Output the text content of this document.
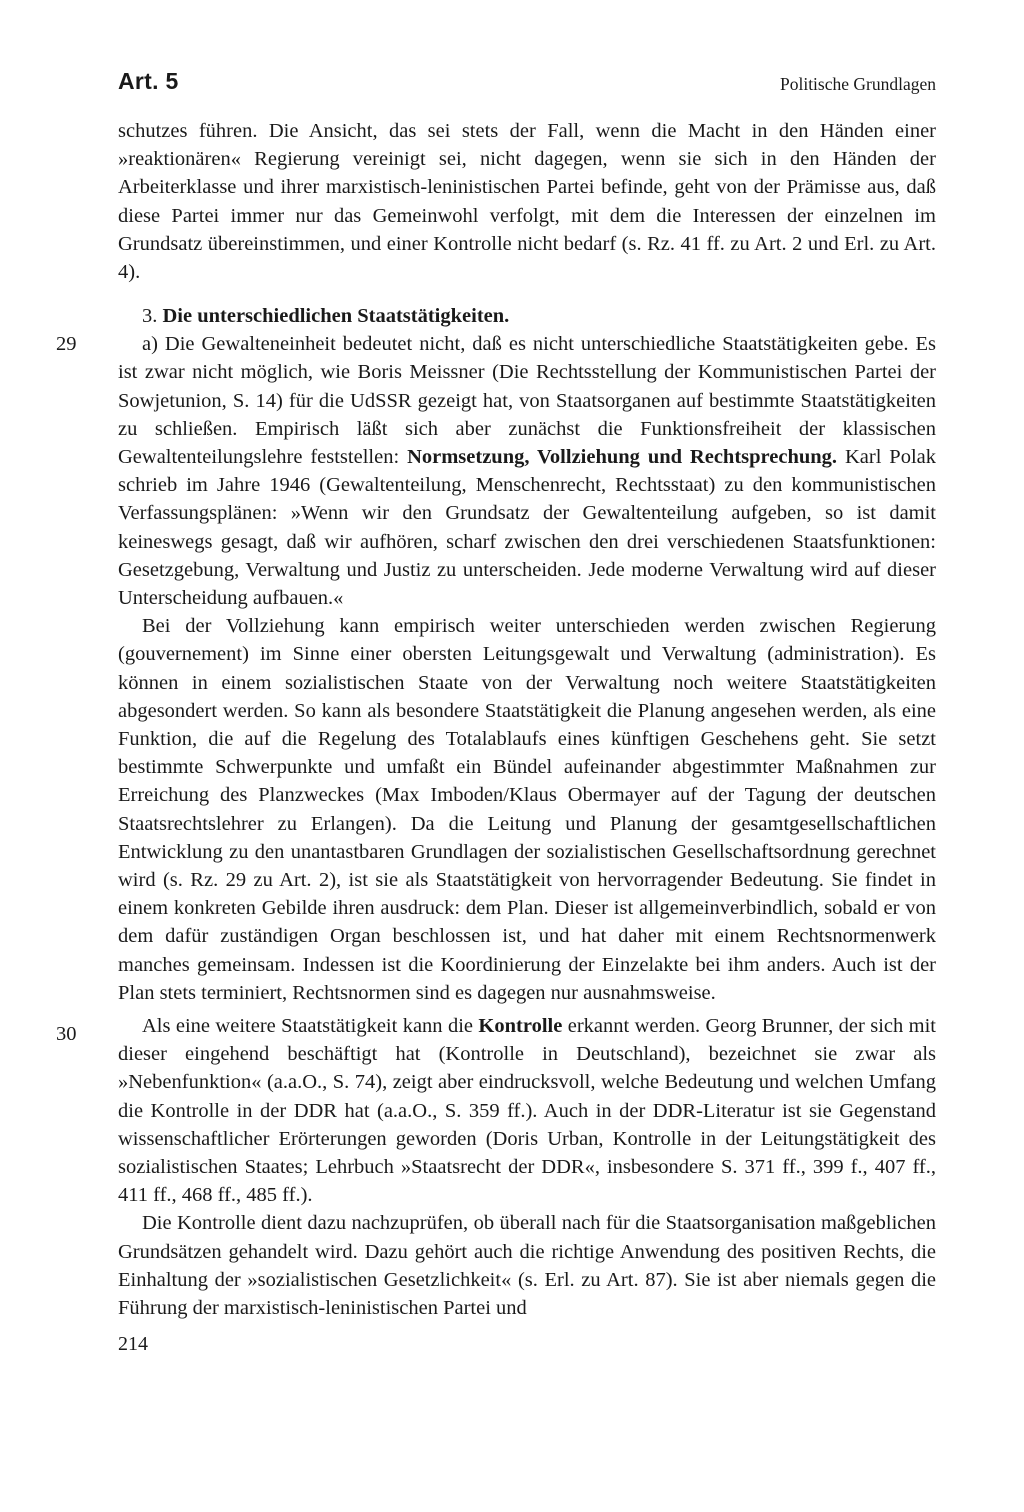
Art. 5	Politische Grundlagen

schutzes führen. Die Ansicht, das sei stets der Fall, wenn die Macht in den Händen einer »reaktionären« Regierung vereinigt sei, nicht dagegen, wenn sie sich in den Händen der Arbeiterklasse und ihrer marxistisch-leninistischen Partei befinde, geht von der Prämisse aus, daß diese Partei immer nur das Gemeinwohl verfolgt, mit dem die Interessen der einzelnen im Grundsatz übereinstimmen, und einer Kontrolle nicht bedarf (s. Rz. 41 ff. zu Art. 2 und Erl. zu Art. 4).

29

3. Die unterschiedlichen Staatstätigkeiten.

a) Die Gewalteneinheit bedeutet nicht, daß es nicht unterschiedliche Staatstätigkeiten gebe. Es ist zwar nicht möglich, wie Boris Meissner (Die Rechtsstellung der Kommunistischen Partei der Sowjetunion, S. 14) für die UdSSR gezeigt hat, von Staatsorganen auf bestimmte Staatstätigkeiten zu schließen. Empirisch läßt sich aber zunächst die Funktionsfreiheit der klassischen Gewaltenteilungslehre feststellen: Normsetzung, Vollziehung und Rechtsprechung. Karl Polak schrieb im Jahre 1946 (Gewaltenteilung, Menschenrecht, Rechtsstaat) zu den kommunistischen Verfassungsplänen: »Wenn wir den Grundsatz der Gewaltenteilung aufgeben, so ist damit keineswegs gesagt, daß wir aufhören, scharf zwischen den drei verschiedenen Staatsfunktionen: Gesetzgebung, Verwaltung und Justiz zu unterscheiden. Jede moderne Verwaltung wird auf dieser Unterscheidung aufbauen.«

Bei der Vollziehung kann empirisch weiter unterschieden werden zwischen Regierung (gouvernement) im Sinne einer obersten Leitungsgewalt und Verwaltung (administration). Es können in einem sozialistischen Staate von der Verwaltung noch weitere Staatstätigkeiten abgesondert werden. So kann als besondere Staatstätigkeit die Planung angesehen werden, als eine Funktion, die auf die Regelung des Totalablaufs eines künftigen Geschehens geht. Sie setzt bestimmte Schwerpunkte und umfaßt ein Bündel aufeinander abgestimmter Maßnahmen zur Erreichung des Planzweckes (Max Imboden/Klaus Obermayer auf der Tagung der deutschen Staatsrechtslehrer zu Erlangen). Da die Leitung und Planung der gesamtgesellschaftlichen Entwicklung zu den unantastbaren Grundlagen der sozialistischen Gesellschaftsordnung gerechnet wird (s. Rz. 29 zu Art. 2), ist sie als Staatstätigkeit von hervorragender Bedeutung. Sie findet in einem konkreten Gebilde ihren ausdruck: dem Plan. Dieser ist allgemeinverbindlich, sobald er von dem dafür zuständigen Organ beschlossen ist, und hat daher mit einem Rechtsnormenwerk manches gemeinsam. Indessen ist die Koordinierung der Einzelakte bei ihm anders. Auch ist der Plan stets terminiert, Rechtsnormen sind es dagegen nur ausnahmsweise.

30	Als eine weitere Staatstätigkeit kann die Kontrolle erkannt werden. Georg Brunner, der sich mit dieser eingehend beschäftigt hat (Kontrolle in Deutschland), bezeichnet sie zwar als »Nebenfunktion« (a.a.O., S. 74), zeigt aber eindrucksvoll, welche Bedeutung und welchen Umfang die Kontrolle in der DDR hat (a.a.O., S. 359 ff.). Auch in der DDR-Literatur ist sie Gegenstand wissenschaftlicher Erörterungen geworden (Doris Urban, Kontrolle in der Leitungstätigkeit des sozialistischen Staates; Lehrbuch »Staatsrecht der DDR«, insbesondere S. 371 ff., 399 f., 407 ff., 411 ff., 468 ff., 485 ff.).

Die Kontrolle dient dazu nachzuprüfen, ob überall nach für die Staatsorganisation maßgeblichen Grundsätzen gehandelt wird. Dazu gehört auch die richtige Anwendung des positiven Rechts, die Einhaltung der »sozialistischen Gesetzlichkeit« (s. Erl. zu Art. 87). Sie ist aber niemals gegen die Führung der marxistisch-leninistischen Partei und

214
